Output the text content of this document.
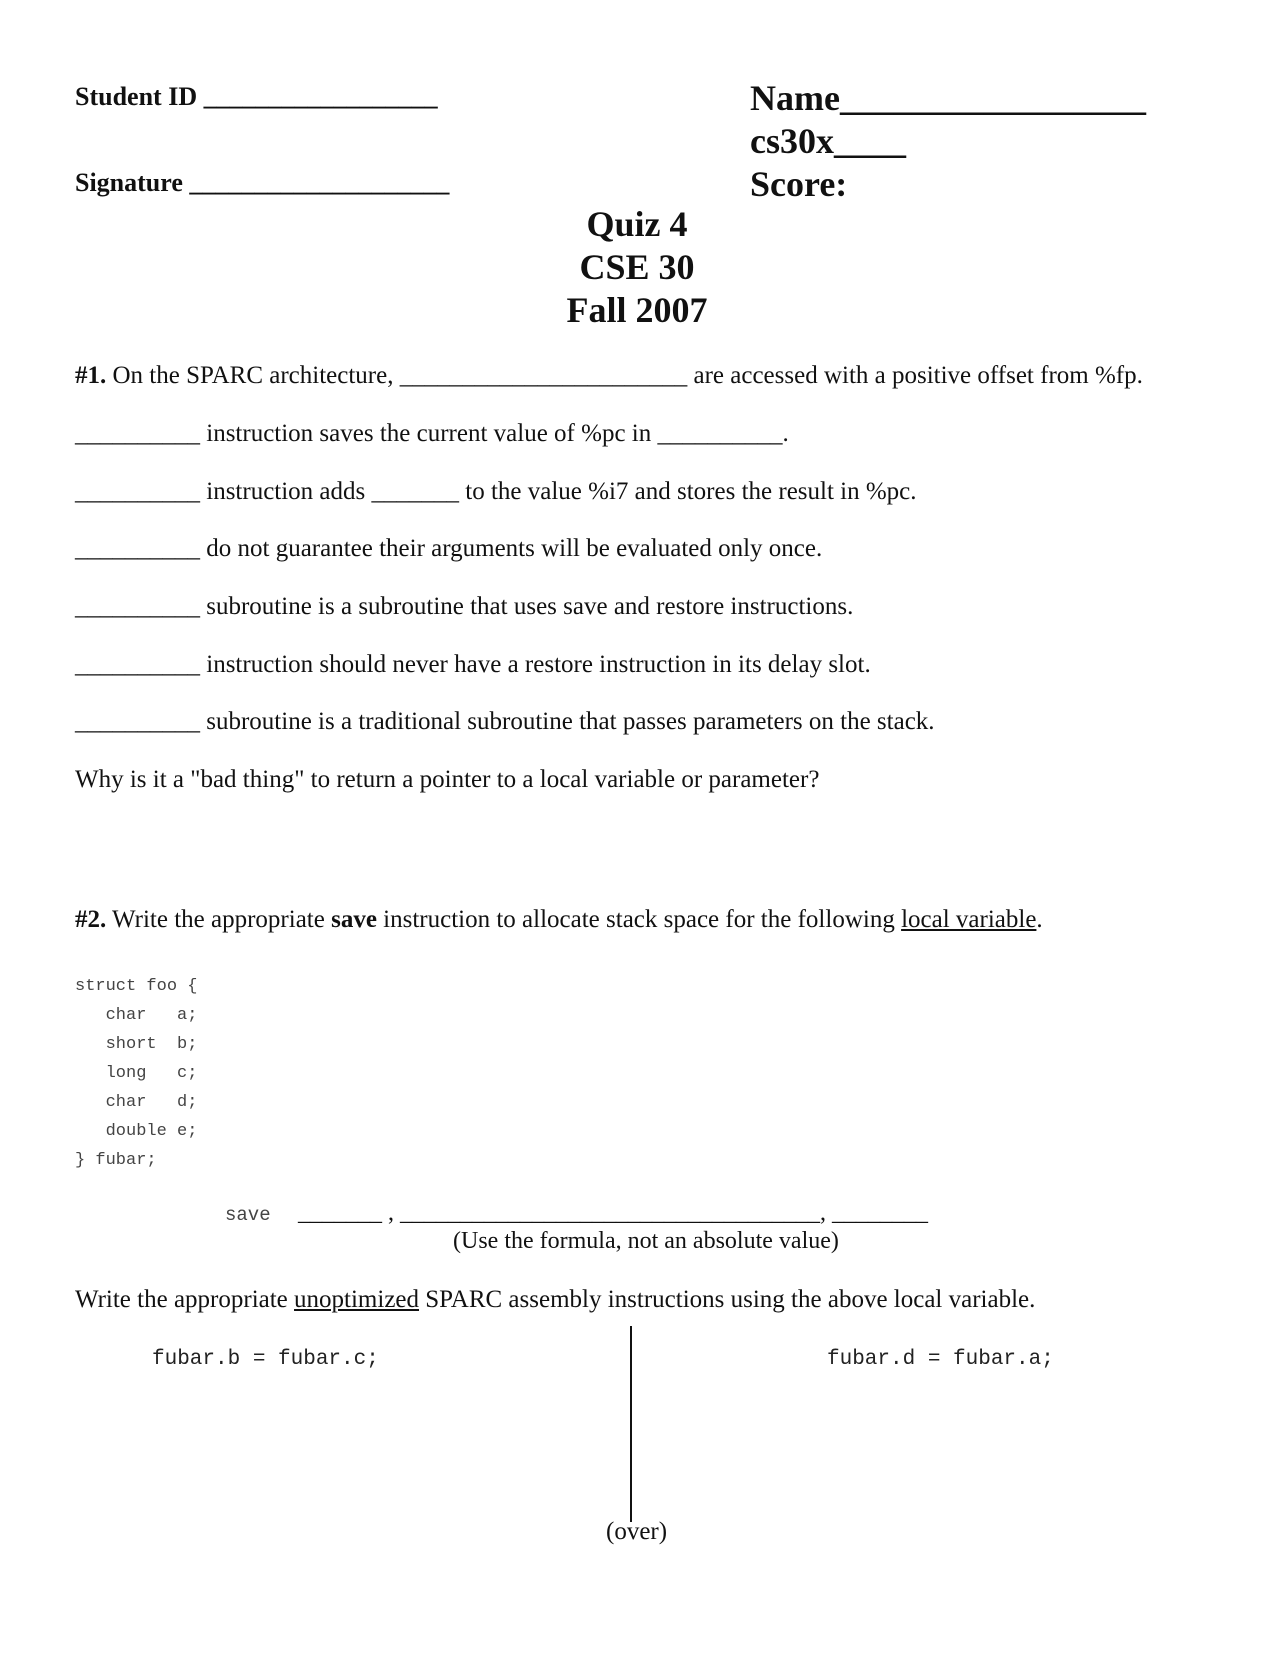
Student ID __________________
Signature ____________________
Name_________________
cs30x____
Score:
Quiz 4
CSE 30
Fall 2007
#1. On the SPARC architecture, _______________________ are accessed with a positive offset from %fp.
__________ instruction saves the current value of %pc in __________.
__________ instruction adds _______ to the value %i7 and stores the result in %pc.
__________ do not guarantee their arguments will be evaluated only once.
__________ subroutine is a subroutine that uses save and restore instructions.
__________ instruction should never have a restore instruction in its delay slot.
__________ subroutine is a traditional subroutine that passes parameters on the stack.
Why is it a "bad thing" to return a pointer to a local variable or parameter?
#2. Write the appropriate save instruction to allocate stack space for the following local variable.
struct foo {
char   a;
short  b;
long   c;
char   d;
double e;
} fubar;
save _______ , ___________________________________, ________
(Use the formula, not an absolute value)
Write the appropriate unoptimized SPARC assembly instructions using the above local variable.
fubar.b = fubar.c;	fubar.d = fubar.a;
(over)
